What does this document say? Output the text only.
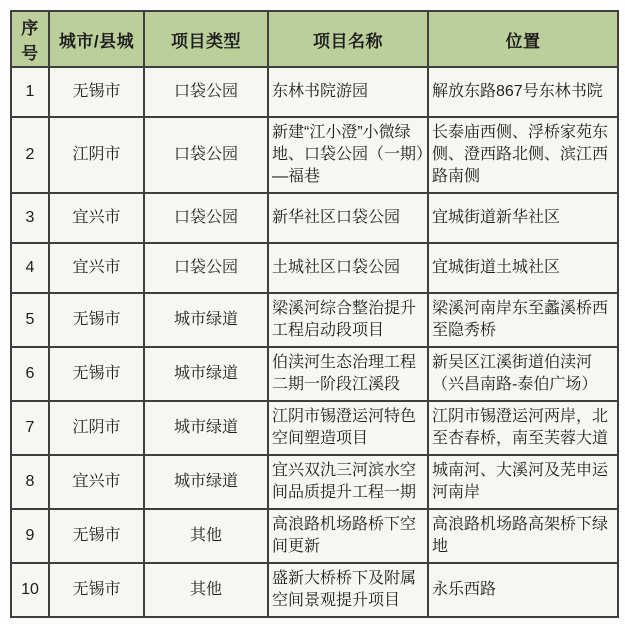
序号	城市/县城	项目类型	项目名称	位置
1	无锡市	口袋公园	东林书院游园	解放东路867号东林书院
2	江阴市	口袋公园	新建“江小澄”小微绿地、口袋公园（一期）—福巷	长泰庙西侧、浮桥家苑东侧、澄西路北侧、滨江西路南侧
3	宜兴市	口袋公园	新华社区口袋公园	宜城街道新华社区
4	宜兴市	口袋公园	土城社区口袋公园	宜城街道土城社区
5	无锡市	城市绿道	梁溪河综合整治提升工程启动段项目	梁溪河南岸东至蠡溪桥西至隐秀桥
6	无锡市	城市绿道	伯渎河生态治理工程二期一阶段江溪段	新吴区江溪街道伯渎河（兴昌南路-泰伯广场）
7	江阴市	城市绿道	江阴市锡澄运河特色空间塑造项目	江阴市锡澄运河两岸，北至杏春桥，南至芙蓉大道
8	宜兴市	城市绿道	宜兴双氿三河滨水空间品质提升工程一期	城南河、大溪河及芜申运河南岸
9	无锡市	其他	高浪路机场路桥下空间更新	高浪路机场路高架桥下绿地
10	无锡市	其他	盛新大桥桥下及附属空间景观提升项目	永乐西路
